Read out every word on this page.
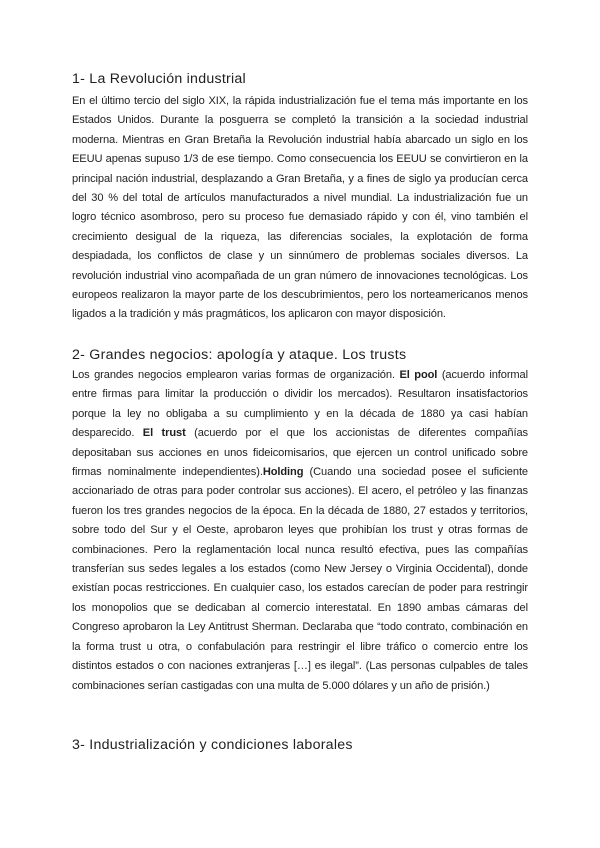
1- La Revolución industrial

En el último tercio del siglo XIX, la rápida industrialización fue el tema más importante en los Estados Unidos. Durante la posguerra se completó la transición a la sociedad industrial moderna. Mientras en Gran Bretaña la Revolución industrial había abarcado un siglo en los EEUU apenas supuso 1/3 de ese tiempo. Como consecuencia los EEUU se convirtieron en la principal nación industrial, desplazando a Gran Bretaña, y a fines de siglo ya producían cerca del 30 % del total de artículos manufacturados a nivel mundial. La industrialización fue un logro técnico asombroso, pero su proceso fue demasiado rápido y con él, vino también el crecimiento desigual de la riqueza, las diferencias sociales, la explotación de forma despiadada, los conflictos de clase y un sinnúmero de problemas sociales diversos. La revolución industrial vino acompañada de un gran número de innovaciones tecnológicas. Los europeos realizaron la mayor parte de los descubrimientos, pero los norteamericanos menos ligados a la tradición y más pragmáticos, los aplicaron con mayor disposición.

2- Grandes negocios: apología y ataque. Los trusts

Los grandes negocios emplearon varias formas de organización. El pool (acuerdo informal entre firmas para limitar la producción o dividir los mercados). Resultaron insatisfactorios porque la ley no obligaba a su cumplimiento y en la década de 1880 ya casi habían desparecido. El trust (acuerdo por el que los accionistas de diferentes compañías depositaban sus acciones en unos fideicomisarios, que ejercen un control unificado sobre firmas nominalmente independientes).Holding (Cuando una sociedad posee el suficiente accionariado de otras para poder controlar sus acciones). El acero, el petróleo y las finanzas fueron los tres grandes negocios de la época. En la década de 1880, 27 estados y territorios, sobre todo del Sur y el Oeste, aprobaron leyes que prohibían los trust y otras formas de combinaciones. Pero la reglamentación local nunca resultó efectiva, pues las compañías transferían sus sedes legales a los estados (como New Jersey o Virginia Occidental), donde existían pocas restricciones. En cualquier caso, los estados carecían de poder para restringir los monopolios que se dedicaban al comercio interestatal. En 1890 ambas cámaras del Congreso aprobaron la Ley Antitrust Sherman. Declaraba que “todo contrato, combinación en la forma trust u otra, o confabulación para restringir el libre tráfico o comercio entre los distintos estados o con naciones extranjeras […] es ilegal”. (Las personas culpables de tales combinaciones serían castigadas con una multa de 5.000 dólares y un año de prisión.)

3- Industrialización y condiciones laborales
